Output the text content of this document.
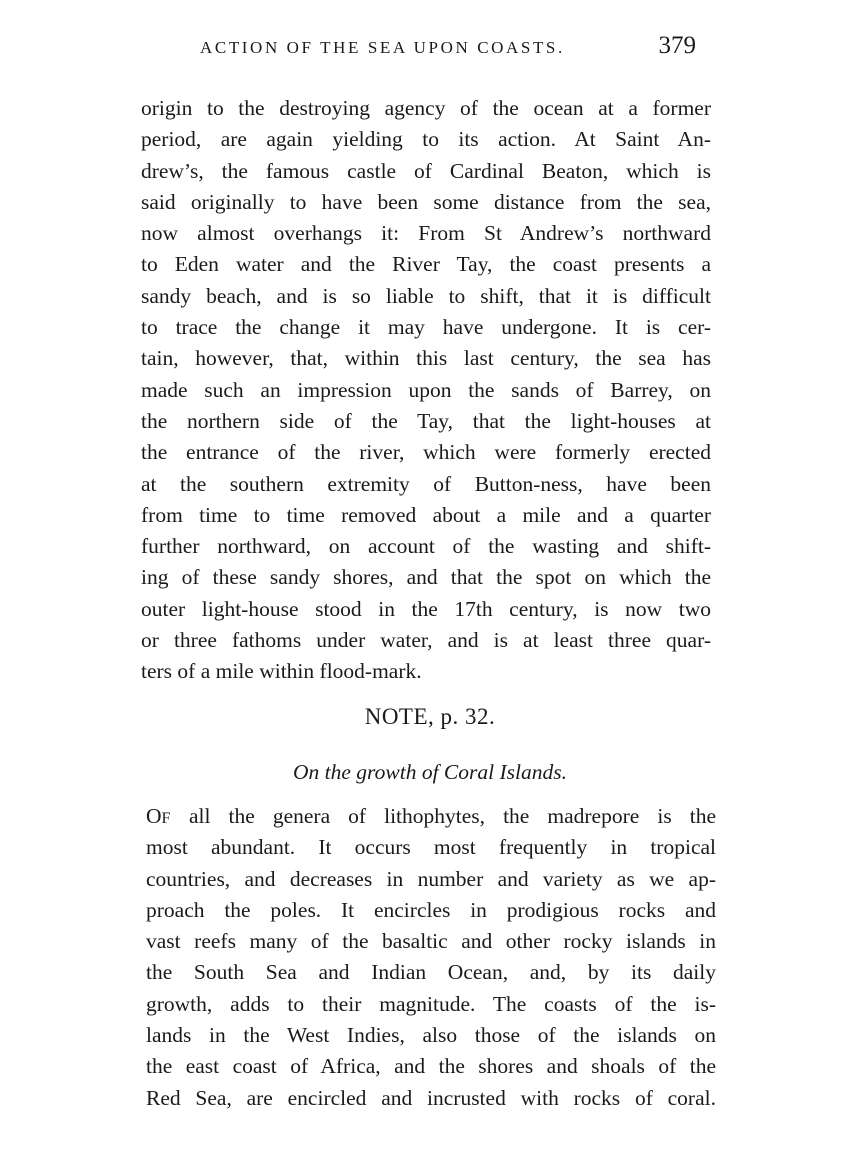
ACTION OF THE SEA UPON COASTS.	379
origin to the destroying agency of the ocean at a former
period, are again yielding to its action. At Saint An-
drew’s, the famous castle of Cardinal Beaton, which is
said originally to have been some distance from the sea,
now almost overhangs it: From St Andrew’s northward
to Eden water and the River Tay, the coast presents a
sandy beach, and is so liable to shift, that it is difficult
to trace the change it may have undergone. It is cer-
tain, however, that, within this last century, the sea has
made such an impression upon the sands of Barrey, on
the northern side of the Tay, that the light-houses at
the entrance of the river, which were formerly erected
at the southern extremity of Button-ness, have been
from time to time removed about a mile and a quarter
further northward, on account of the wasting and shift-
ing of these sandy shores, and that the spot on which the
outer light-house stood in the 17th century, is now two
or three fathoms under water, and is at least three quar-
ters of a mile within flood-mark.

NOTE, p. 32.

On the growth of Coral Islands.

OF all the genera of lithophytes, the madrepore is the
most abundant. It occurs most frequently in tropical
countries, and decreases in number and variety as we ap-
proach the poles. It encircles in prodigious rocks and
vast reefs many of the basaltic and other rocky islands in
the South Sea and Indian Ocean, and, by its daily
growth, adds to their magnitude. The coasts of the is-
lands in the West Indies, also those of the islands on
the east coast of Africa, and the shores and shoals of the
Red Sea, are encircled and incrusted with rocks of coral.
